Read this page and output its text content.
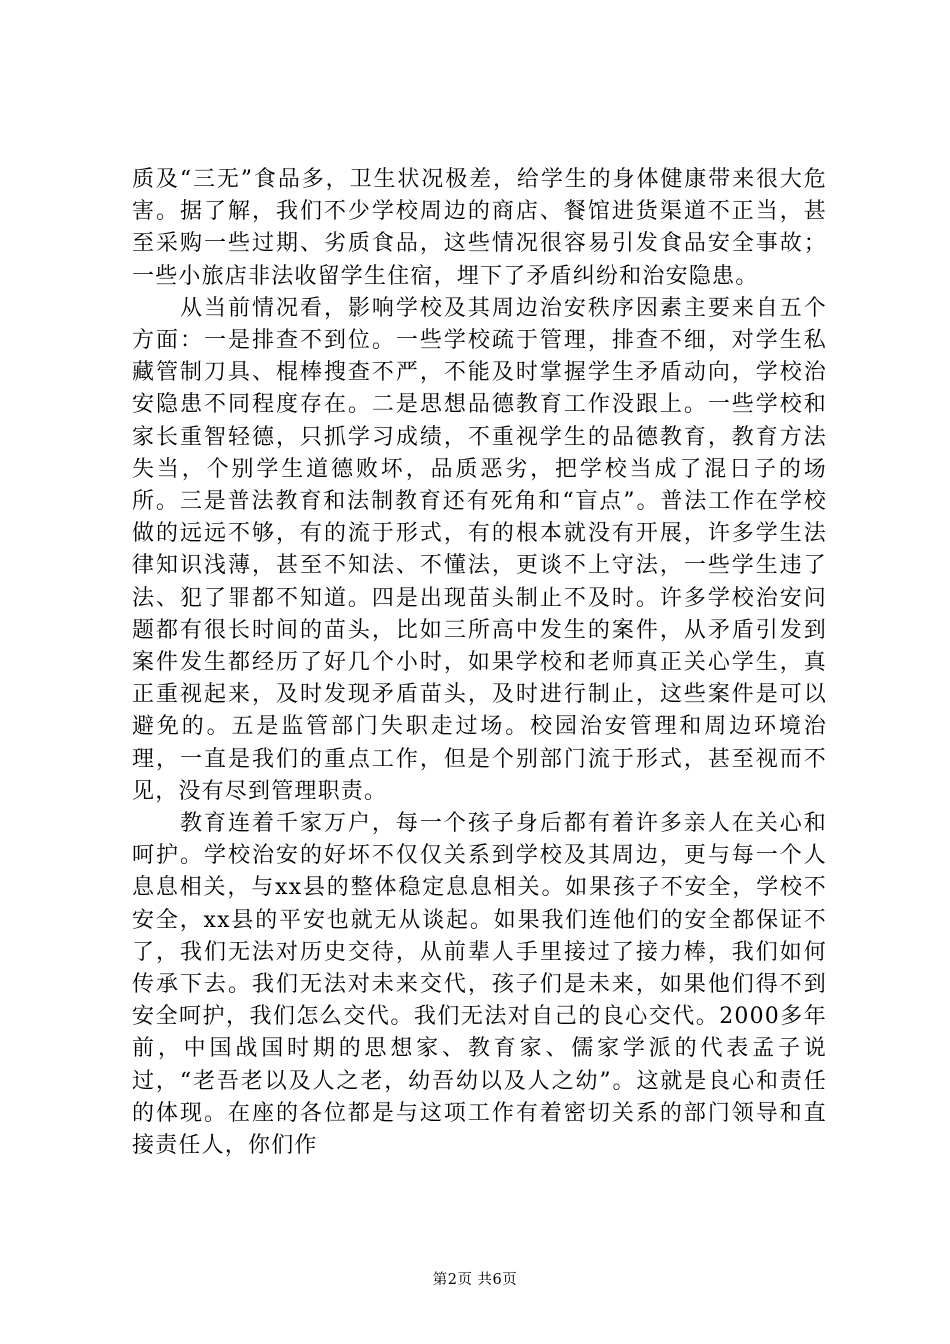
质及“三无”食品多，卫生状况极差，给学生的身体健康带来很大危害。据了解，我们不少学校周边的商店、餐馆进货渠道不正当，甚至采购一些过期、劣质食品，这些情况很容易引发食品安全事故；一些小旅店非法收留学生住宿，埋下了矛盾纠纷和治安隐患。

从当前情况看，影响学校及其周边治安秩序因素主要来自五个方面：一是排查不到位。一些学校疏于管理，排查不细，对学生私藏管制刀具、棍棒搜查不严，不能及时掌握学生矛盾动向，学校治安隐患不同程度存在。二是思想品德教育工作没跟上。一些学校和家长重智轻德，只抓学习成绩，不重视学生的品德教育，教育方法失当，个别学生道德败坏，品质恶劣，把学校当成了混日子的场所。三是普法教育和法制教育还有死角和“盲点”。普法工作在学校做的远远不够，有的流于形式，有的根本就没有开展，许多学生法律知识浅薄，甚至不知法、不懂法，更谈不上守法，一些学生违了法、犯了罪都不知道。四是出现苗头制止不及时。许多学校治安问题都有很长时间的苗头，比如三所高中发生的案件，从矛盾引发到案件发生都经历了好几个小时，如果学校和老师真正关心学生，真正重视起来，及时发现矛盾苗头，及时进行制止，这些案件是可以避免的。五是监管部门失职走过场。校园治安管理和周边环境治理，一直是我们的重点工作，但是个别部门流于形式，甚至视而不见，没有尽到管理职责。

教育连着千家万户，每一个孩子身后都有着许多亲人在关心和呵护。学校治安的好坏不仅仅关系到学校及其周边，更与每一个人息息相关，与xx县的整体稳定息息相关。如果孩子不安全，学校不安全，xx县的平安也就无从谈起。如果我们连他们的安全都保证不了，我们无法对历史交待，从前辈人手里接过了接力棒，我们如何传承下去。我们无法对未来交代，孩子们是未来，如果他们得不到安全呵护，我们怎么交代。我们无法对自己的良心交代。2000多年前，中国战国时期的思想家、教育家、儒家学派的代表孟子说过，“老吾老以及人之老，幼吾幼以及人之幼”。这就是良心和责任的体现。在座的各位都是与这项工作有着密切关系的部门领导和直接责任人，你们作

第2页 共6页
